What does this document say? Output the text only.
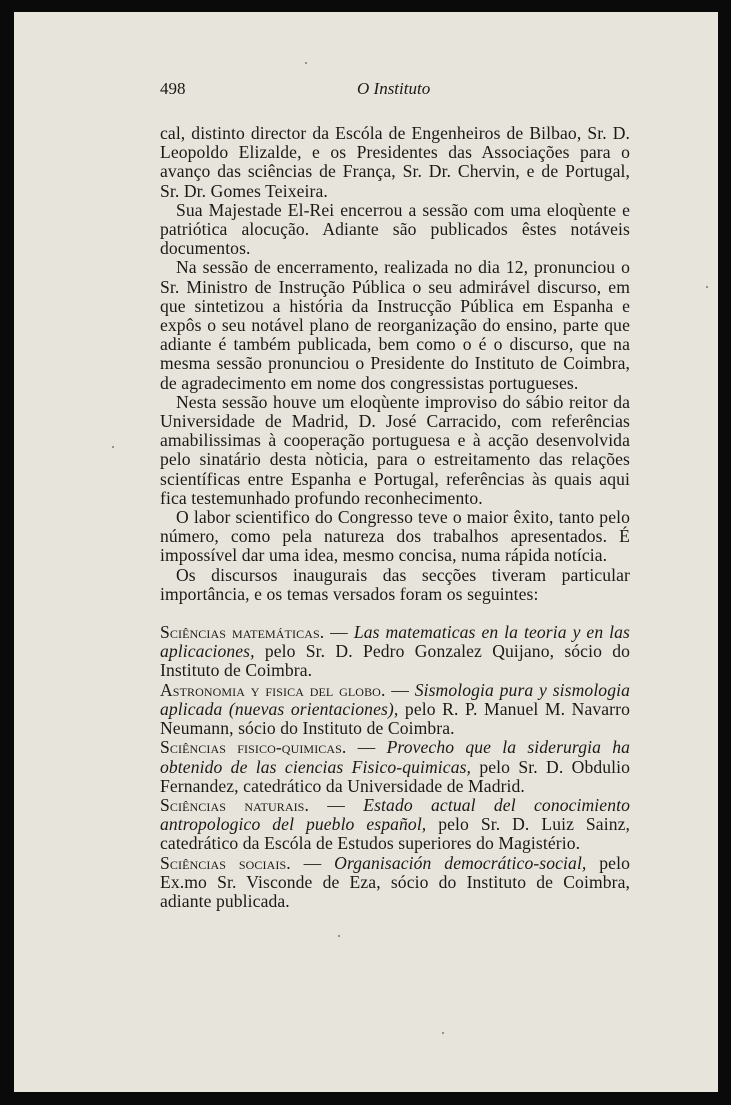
498	O Instituto

cal, distinto director da Escóla de Engenheiros de Bilbao, Sr. D. Leopoldo Elizalde, e os Presidentes das Associações para o avanço das sciências de França, Sr. Dr. Chervin, e de Portugal, Sr. Dr. Gomes Teixeira.

Sua Majestade El-Rei encerrou a sessão com uma eloqùente e patriótica alocução. Adiante são publicados êstes notáveis documentos.

Na sessão de encerramento, realizada no dia 12, pronunciou o Sr. Ministro de Instrução Pública o seu admirável discurso, em que sintetizou a história da Instrucção Pública em Espanha e expôs o seu notável plano de reorganização do ensino, parte que adiante é também publicada, bem como o é o discurso, que na mesma sessão pronunciou o Presidente do Instituto de Coimbra, de agradecimento em nome dos congressistas portugueses.

Nesta sessão houve um eloqùente improviso do sábio reitor da Universidade de Madrid, D. José Carracido, com referências amabilissimas à cooperação portuguesa e à acção desenvolvida pelo sinatário desta nòticia, para o estreitamento das relações scientíficas entre Espanha e Portugal, referências às quais aqui fica testemunhado profundo reconhecimento.

O labor scientifico do Congresso teve o maior êxito, tanto pelo número, como pela natureza dos trabalhos apresentados. É impossível dar uma idea, mesmo concisa, numa rápida notícia.

Os discursos inaugurais das secções tiveram particular importância, e os temas versados foram os seguintes:

Sciências matemáticas. — Las matematicas en la teoria y en las aplicaciones, pelo Sr. D. Pedro Gonzalez Quijano, sócio do Instituto de Coimbra.

Astronomia y fisica del globo. — Sismologia pura y sismologia aplicada (nuevas orientaciones), pelo R. P. Manuel M. Navarro Neumann, sócio do Instituto de Coimbra.

Sciências fisico-quimicas. — Provecho que la siderurgia ha obtenido de las ciencias Fisico-quimicas, pelo Sr. D. Obdulio Fernandez, catedrático da Universidade de Madrid.

Sciências naturais. — Estado actual del conocimiento antropologico del pueblo español, pelo Sr. D. Luiz Sainz, catedrático da Escóla de Estudos superiores do Magistério.

Sciências sociais. — Organisación democrático-social, pelo Ex.mo Sr. Visconde de Eza, sócio do Instituto de Coimbra, adiante publicada.
